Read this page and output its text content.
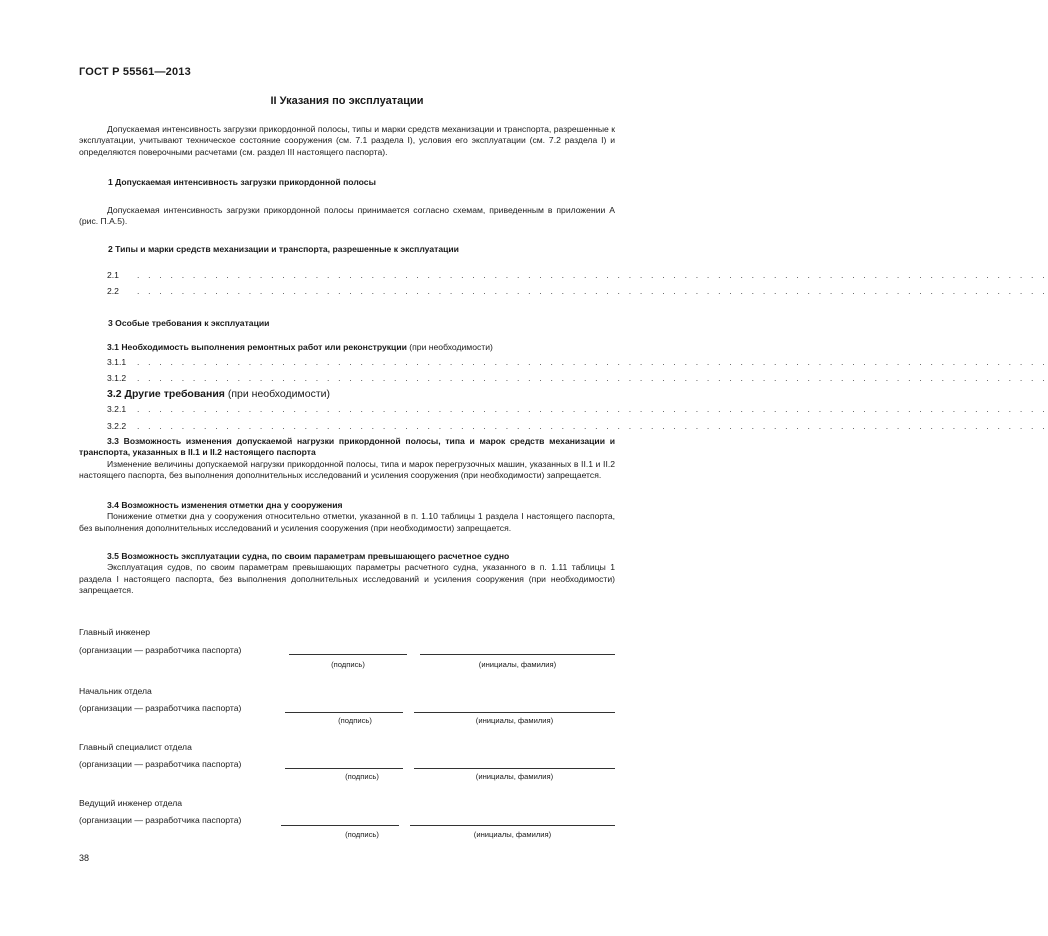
ГОСТ Р 55561—2013
II Указания по эксплуатации

Допускаемая интенсивность загрузки прикордонной полосы, типы и марки средств механизации и транспорта, разрешенные к эксплуатации, учитывают техническое состояние сооружения (см. 7.1 раздела I), условия его эксплуатации (см. 7.2 раздела I) и определяются поверочными расчетами (см. раздел III настоящего паспорта).

1 Допускаемая интенсивность загрузки прикордонной полосы

Допускаемая интенсивность загрузки прикордонной полосы принимается согласно схемам, приведенным в приложении А (рис. П.А.5).

2 Типы и марки средств механизации и транспорта, разрешенные к эксплуатации
2.1	. . . . . . . . . . . . . . . . . . . . . . . . . . . . . . . . . . . . . . . . . . . . . . . . . . . . . . . . . . . . . . . . . . . . . . . . . . . . . . . . . .
2.2	. . . . . . . . . . . . . . . . . . . . . . . . . . . . . . . . . . . . . . . . . . . . . . . . . . . . . . . . . . . . . . . . . . . . . . . . . . . . . . . . . .
3 Особые требования к эксплуатации
3.1 Необходимость выполнения ремонтных работ или реконструкции (при необходимости)
3.1.1	. . . . . . . . . . . . . . . . . . . . . . . . . . . . . . . . . . . . . . . . . . . . . . . . . . . . . . . . . . . . . . . . . . . . . . . . . . . . . . . . . .
3.1.2	. . . . . . . . . . . . . . . . . . . . . . . . . . . . . . . . . . . . . . . . . . . . . . . . . . . . . . . . . . . . . . . . . . . . . . . . . . . . . . . . . .
3.2 Другие требования (при необходимости)
3.2.1	. . . . . . . . . . . . . . . . . . . . . . . . . . . . . . . . . . . . . . . . . . . . . . . . . . . . . . . . . . . . . . . . . . . . . . . . . . . . . . . . . .
3.2.2	. . . . . . . . . . . . . . . . . . . . . . . . . . . . . . . . . . . . . . . . . . . . . . . . . . . . . . . . . . . . . . . . . . . . . . . . . . . . . . . . . .

3.3 Возможность изменения допускаемой нагрузки прикордонной полосы, типа и марок средств механизации и транспорта, указанных в II.1 и II.2 настоящего паспорта

Изменение величины допускаемой нагрузки прикордонной полосы, типа и марок перегрузочных машин, указанных в II.1 и II.2 настоящего паспорта, без выполнения дополнительных исследований и усиления сооружения (при необходимости) запрещается.

3.4 Возможность изменения отметки дна у сооружения

Понижение отметки дна у сооружения относительно отметки, указанной в п. 1.10 таблицы 1 раздела I настоящего паспорта, без выполнения дополнительных исследований и усиления сооружения (при необходимости) запрещается.

3.5 Возможность эксплуатации судна, по своим параметрам превышающего расчетное судно

Эксплуатация судов, по своим параметрам превышающих параметры расчетного судна, указанного в п. 1.11 таблицы 1 раздела I настоящего паспорта, без выполнения дополнительных исследований и усиления сооружения (при необходимости) запрещается.

Главный инженер
(организации — разработчика паспорта)
(подпись)	(инициалы, фамилия)
Начальник отдела
(организации — разработчика паспорта)
(подпись)	(инициалы, фамилия)
Главный специалист отдела
(организации — разработчика паспорта)
(подпись)	(инициалы, фамилия)
Ведущий инженер отдела
(организации — разработчика паспорта)
(подпись)	(инициалы, фамилия)
38
